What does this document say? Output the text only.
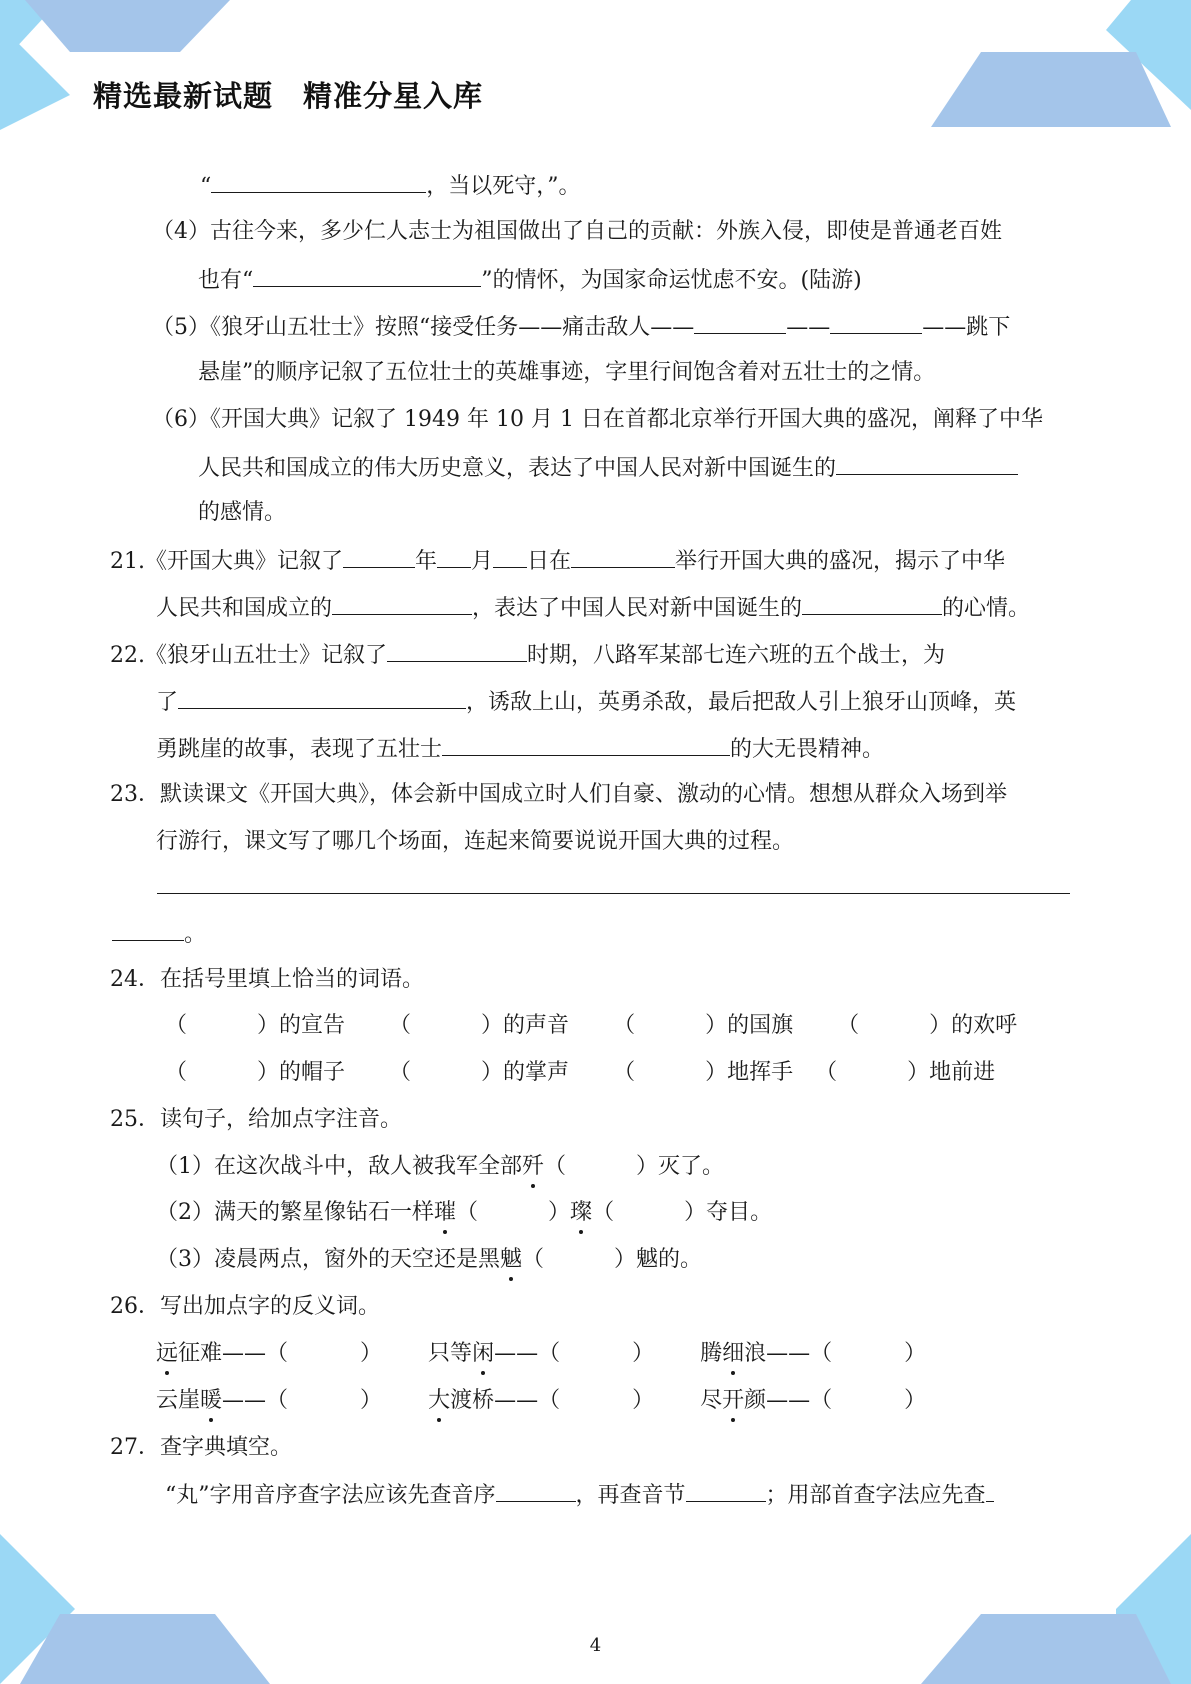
精选最新试题　精准分星入库
“	，当以死守，”。
（4）古往今来，多少仁人志士为祖国做出了自己的贡献：外族入侵，即使是普通老百姓
也有“	”的情怀，为国家命运忧虑不安。(陆游)
（5）《狼牙山五壮士》按照“接受任务——痛击敌人——	——	——跳下
悬崖”的顺序记叙了五位壮士的英雄事迹，字里行间饱含着对五壮士的之情。
（6）《开国大典》记叙了 1949 年 10 月 1 日在首都北京举行开国大典的盛况，阐释了中华
人民共和国成立的伟大历史意义，表达了中国人民对新中国诞生的
的感情。
21.《开国大典》记叙了	年 月 日在	举行开国大典的盛况，揭示了中华
人民共和国成立的	，表达了中国人民对新中国诞生的	的心情。
22.《狼牙山五壮士》记叙了	时期，八路军某部七连六班的五个战士，为
了	，诱敌上山，英勇杀敌，最后把敌人引上狼牙山顶峰，英
勇跳崖的故事，表现了五壮士	的大无畏精神。
23．默读课文《开国大典》，体会新中国成立时人们自豪、激动的心情。想想从群众入场到举
行游行，课文写了哪几个场面，连起来简要说说开国大典的过程。
。
24．在括号里填上恰当的词语。
（	）的宣告 （	）的声音 （	）的国旗 （	）的欢呼
（	）的帽子 （	）的掌声 （	）地挥手 （	）地前进
25．读句子，给加点字注音。
（1）在这次战斗中，敌人被我军全部歼（	）灭了。
（2）满天的繁星像钻石一样璀（	）璨（	）夺目。
（3）凌晨两点，窗外的天空还是黑魆（	）魆的。
26．写出加点字的反义词。
远征难——（	） 只等闲——（	） 腾细浪——（	）
云崖暖——（	） 大渡桥——（	） 尽开颜——（	）
27．查字典填空。
“丸”字用音序查字法应该先查音序	，再查音节	；用部首查字法应先查
4
